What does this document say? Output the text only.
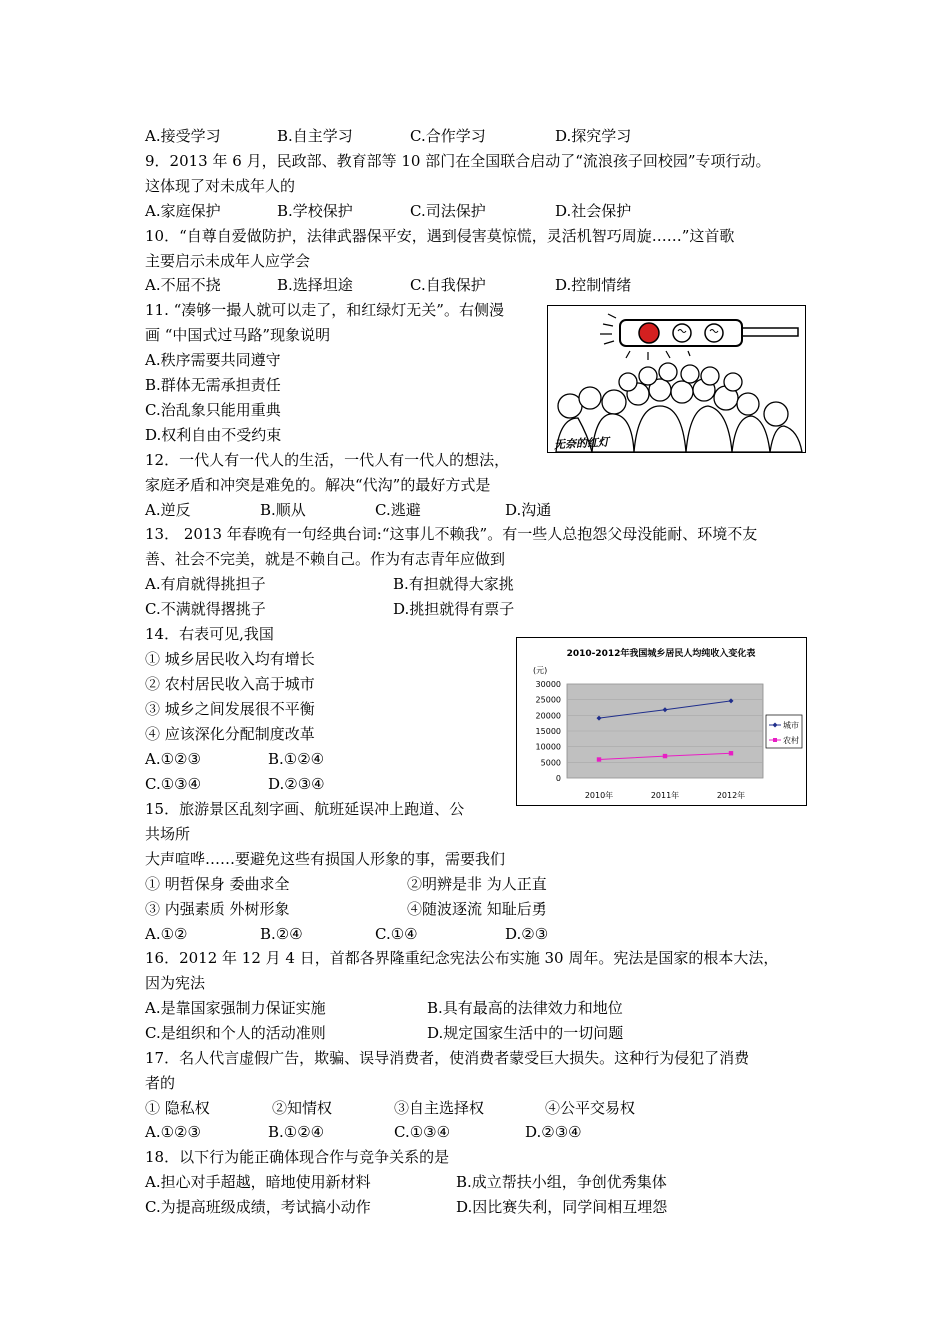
A.接受学习	B.自主学习	C.合作学习	D.探究学习
9．2013 年 6 月，民政部、教育部等 10 部门在全国联合启动了“流浪孩子回校园”专项行动。
这体现了对未成年人的
A.家庭保护	B.学校保护	C.司法保护	D.社会保护
10．“自尊自爱做防护，法律武器保平安，遇到侵害莫惊慌，灵活机智巧周旋……”这首歌
主要启示未成年人应学会
A.不屈不挠	B.选择坦途	C.自我保护	D.控制情绪
11. “凑够一撮人就可以走了，和红绿灯无关”。右侧漫
画 “中国式过马路”现象说明
A.秩序需要共同遵守
B.群体无需承担责任
C.治乱象只能用重典
D.权利自由不受约束	无奈的红灯
12．一代人有一代人的生活，一代人有一代人的想法，
家庭矛盾和冲突是难免的。解决“代沟”的最好方式是
A.逆反	B.顺从	C.逃避	D.沟通
13． 2013 年春晚有一句经典台词:“这事儿不赖我”。有一些人总抱怨父母没能耐、环境不友
善、社会不完美，就是不赖自己。作为有志青年应做到
A.有肩就得挑担子	B.有担就得大家挑
C.不满就得撂挑子	D.挑担就得有票子
14．右表可见,我国
① 城乡居民收入均有增长
② 农村居民收入高于城市
③ 城乡之间发展很不平衡
④ 应该深化分配制度改革
A.①②③	B.①②④
C.①③④	D.②③④
2010-2012年我国城乡居民人均纯收入变化表
(元)
30000
25000
20000
15000
10000
5000
0
2010年	2011年	2012年
城市
农村
15．旅游景区乱刻字画、航班延误冲上跑道、公
共场所
大声喧哗……要避免这些有损国人形象的事，需要我们
① 明哲保身 委曲求全	②明辨是非 为人正直
③ 内强素质 外树形象	④随波逐流 知耻后勇
A.①②	B.②④	C.①④	D.②③
16．2012 年 12 月 4 日，首都各界隆重纪念宪法公布实施 30 周年。宪法是国家的根本大法，
因为宪法
A.是靠国家强制力保证实施	B.具有最高的法律效力和地位
C.是组织和个人的活动准则	D.规定国家生活中的一切问题
17．名人代言虚假广告，欺骗、误导消费者，使消费者蒙受巨大损失。这种行为侵犯了消费
者的
① 隐私权	②知情权	③自主选择权	④公平交易权
A.①②③	B.①②④	C.①③④	D.②③④
18．以下行为能正确体现合作与竞争关系的是
A.担心对手超越，暗地使用新材料	B.成立帮扶小组，争创优秀集体
C.为提高班级成绩，考试搞小动作	D.因比赛失利，同学间相互埋怨
